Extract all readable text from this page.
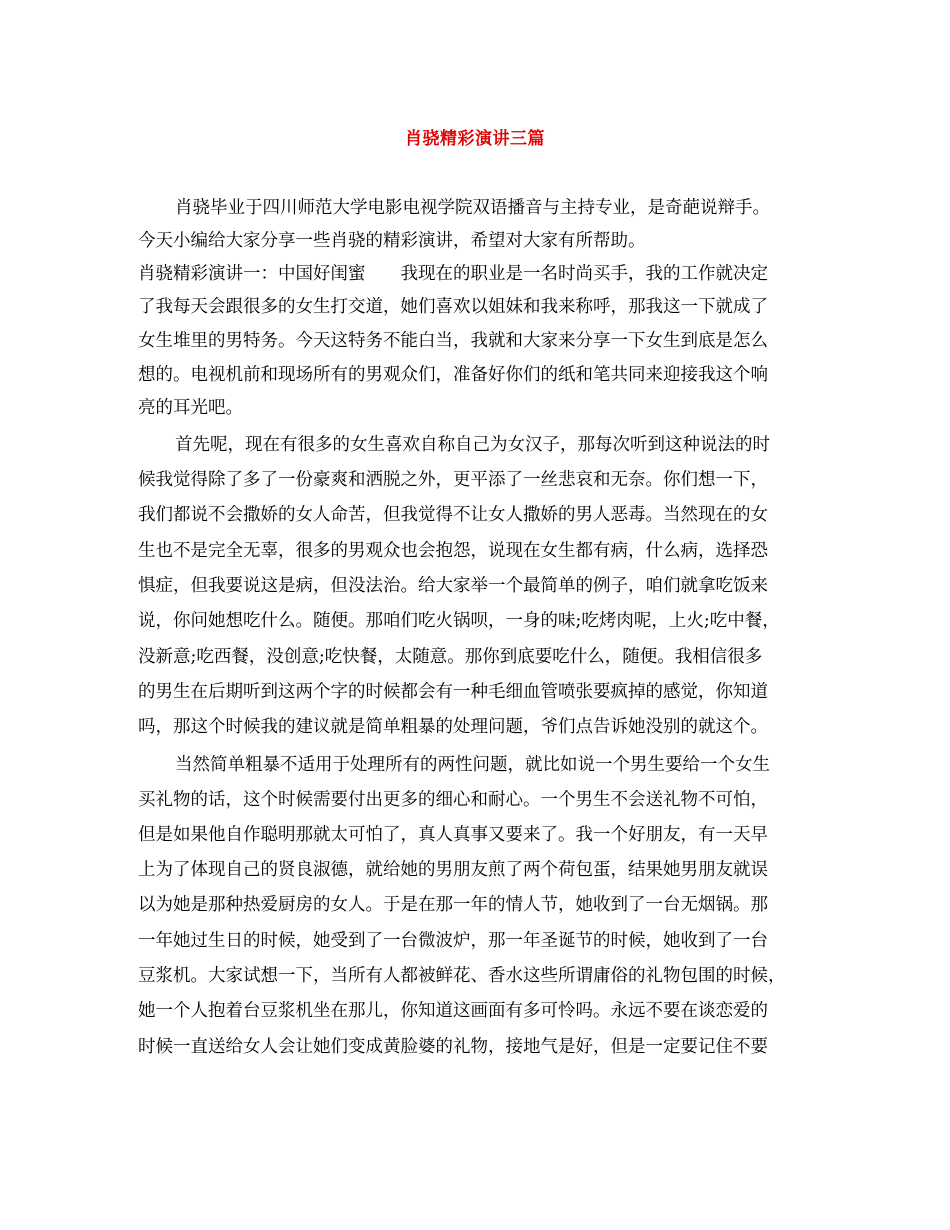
肖骁精彩演讲三篇
肖骁毕业于四川师范大学电影电视学院双语播音与主持专业，是奇葩说辩手。
今天小编给大家分享一些肖骁的精彩演讲，希望对大家有所帮助。
肖骁精彩演讲一：中国好闺蜜　　我现在的职业是一名时尚买手，我的工作就决定
了我每天会跟很多的女生打交道，她们喜欢以姐妹和我来称呼，那我这一下就成了
女生堆里的男特务。今天这特务不能白当，我就和大家来分享一下女生到底是怎么
想的。电视机前和现场所有的男观众们，准备好你们的纸和笔共同来迎接我这个响
亮的耳光吧。
首先呢，现在有很多的女生喜欢自称自己为女汉子，那每次听到这种说法的时
候我觉得除了多了一份豪爽和洒脱之外，更平添了一丝悲哀和无奈。你们想一下，
我们都说不会撒娇的女人命苦，但我觉得不让女人撒娇的男人恶毒。当然现在的女
生也不是完全无辜，很多的男观众也会抱怨，说现在女生都有病，什么病，选择恐
惧症，但我要说这是病，但没法治。给大家举一个最简单的例子，咱们就拿吃饭来
说，你问她想吃什么。随便。那咱们吃火锅呗，一身的味;吃烤肉呢，上火;吃中餐，
没新意;吃西餐，没创意;吃快餐，太随意。那你到底要吃什么，随便。我相信很多
的男生在后期听到这两个字的时候都会有一种毛细血管喷张要疯掉的感觉，你知道
吗，那这个时候我的建议就是简单粗暴的处理问题，爷们点告诉她没别的就这个。
当然简单粗暴不适用于处理所有的两性问题，就比如说一个男生要给一个女生
买礼物的话，这个时候需要付出更多的细心和耐心。一个男生不会送礼物不可怕，
但是如果他自作聪明那就太可怕了，真人真事又要来了。我一个好朋友，有一天早
上为了体现自己的贤良淑德，就给她的男朋友煎了两个荷包蛋，结果她男朋友就误
以为她是那种热爱厨房的女人。于是在那一年的情人节，她收到了一台无烟锅。那
一年她过生日的时候，她受到了一台微波炉，那一年圣诞节的时候，她收到了一台
豆浆机。大家试想一下，当所有人都被鲜花、香水这些所谓庸俗的礼物包围的时候，
她一个人抱着台豆浆机坐在那儿，你知道这画面有多可怜吗。永远不要在谈恋爱的
时候一直送给女人会让她们变成黄脸婆的礼物，接地气是好，但是一定要记住不要
